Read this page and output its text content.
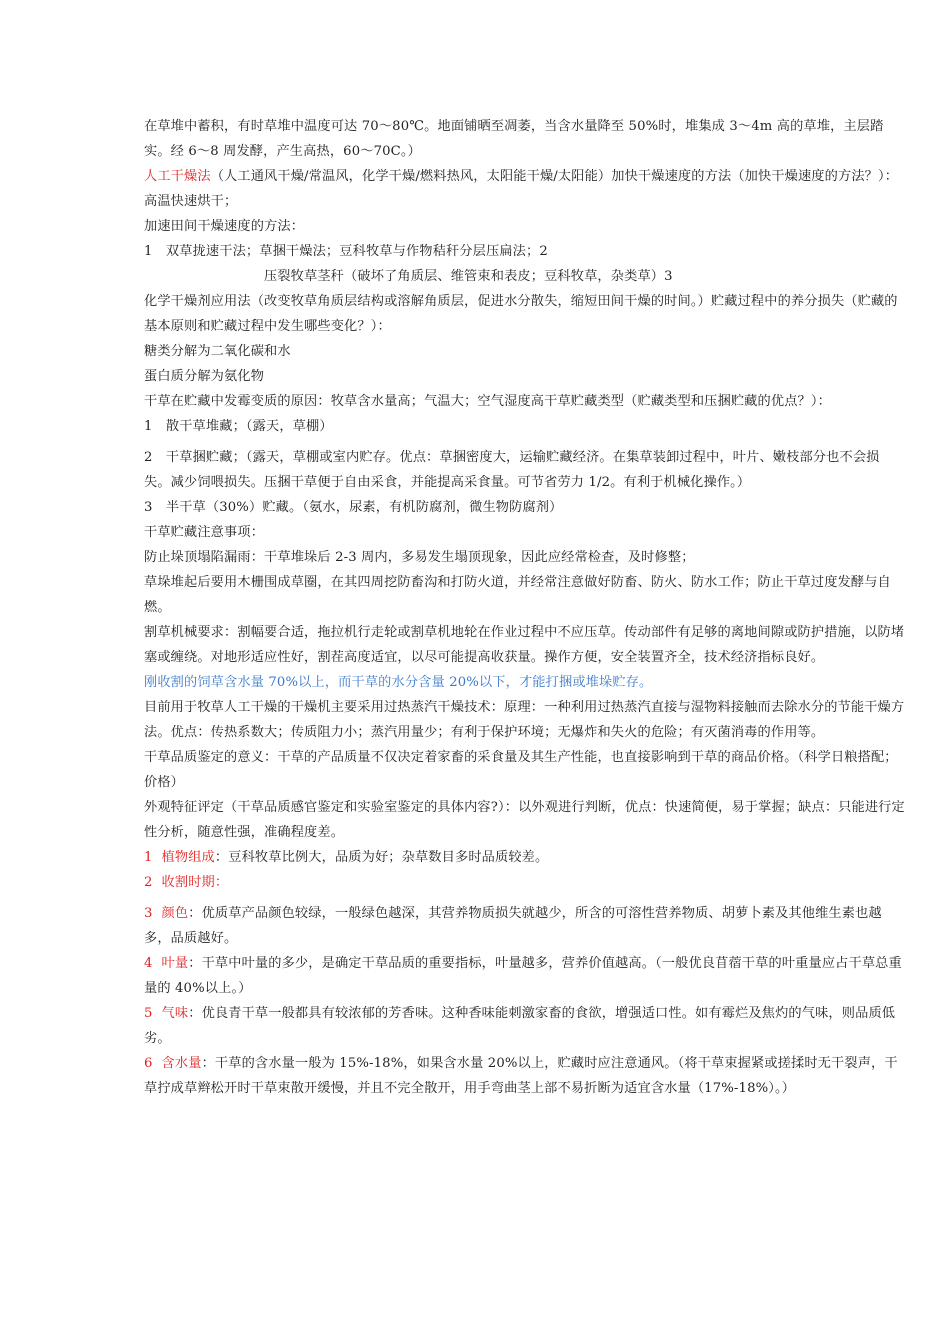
在草堆中蓄积，有时草堆中温度可达 70～80℃。地面铺晒至凋萎，当含水量降至 50%时，堆集成 3～4m 高的草堆，主层踏实。经 6～8 周发酵，产生高热，60～70C。）

人工干燥法（人工通风干燥/常温风，化学干燥/燃料热风，太阳能干燥/太阳能）加快干燥速度的方法（加快干燥速度的方法？）：高温快速烘干；

加速田间干燥速度的方法：

1　双草拢速干法；草捆干燥法；豆科牧草与作物秸秆分层压扁法；2

压裂牧草茎秆（破坏了角质层、维管束和表皮；豆科牧草，杂类草）3

化学干燥剂应用法（改变牧草角质层结构或溶解角质层，促进水分散失，缩短田间干燥的时间。）贮藏过程中的养分损失（贮藏的基本原则和贮藏过程中发生哪些变化？）：

糖类分解为二氧化碳和水

蛋白质分解为氨化物

干草在贮藏中发霉变质的原因：牧草含水量高；气温大；空气湿度高干草贮藏类型（贮藏类型和压捆贮藏的优点？）：

1　散干草堆藏；（露天，草棚）

2　干草捆贮藏；（露天，草棚或室内贮存。优点：草捆密度大，运输贮藏经济。在集草装卸过程中，叶片、嫩枝部分也不会损失。减少饲喂损失。压捆干草便于自由采食，并能提高采食量。可节省劳力 1/2。有利于机械化操作。）

3　半干草（30%）贮藏。（氨水，尿素，有机防腐剂，微生物防腐剂）

干草贮藏注意事项：

防止垛顶塌陷漏雨：干草堆垛后 2-3 周内，多易发生塌顶现象，因此应经常检查，及时修整；

草垛堆起后要用木栅围成草圈，在其四周挖防畜沟和打防火道，并经常注意做好防畜、防火、防水工作；防止干草过度发酵与自燃。

割草机械要求：割幅要合适，拖拉机行走轮或割草机地轮在作业过程中不应压草。传动部件有足够的离地间隙或防护措施，以防堵塞或缠绕。对地形适应性好，割茬高度适宜，以尽可能提高收获量。操作方便，安全装置齐全，技术经济指标良好。

刚收割的饲草含水量 70%以上，而干草的水分含量 20%以下，才能打捆或堆垛贮存。

目前用于牧草人工干燥的干燥机主要采用过热蒸汽干燥技术：原理：一种利用过热蒸汽直接与湿物料接触而去除水分的节能干燥方法。优点：传热系数大；传质阻力小；蒸汽用量少；有利于保护环境；无爆炸和失火的危险；有灭菌消毒的作用等。

干草品质鉴定的意义：干草的产品质量不仅决定着家畜的采食量及其生产性能，也直接影响到干草的商品价格。（科学日粮搭配；价格）

外观特征评定（干草品质感官鉴定和实验室鉴定的具体内容?）：以外观进行判断，优点：快速简便，易于掌握；缺点：只能进行定性分析，随意性强，准确程度差。

1 植物组成：豆科牧草比例大，品质为好；杂草数目多时品质较差。

2 收割时期：

3 颜色：优质草产品颜色较绿，一般绿色越深，其营养物质损失就越少，所含的可溶性营养物质、胡萝卜素及其他维生素也越多，品质越好。

4 叶量：干草中叶量的多少，是确定干草品质的重要指标，叶量越多，营养价值越高。（一般优良苜蓿干草的叶重量应占干草总重量的 40%以上。）

5 气味：优良青干草一般都具有较浓郁的芳香味。这种香味能刺激家畜的食欲，增强适口性。如有霉烂及焦灼的气味，则品质低劣。

6 含水量：干草的含水量一般为 15%-18%，如果含水量 20%以上，贮藏时应注意通风。（将干草束握紧或搓揉时无干裂声，干草拧成草辫松开时干草束散开缓慢，并且不完全散开，用手弯曲茎上部不易折断为适宜含水量（17%-18%）。）
